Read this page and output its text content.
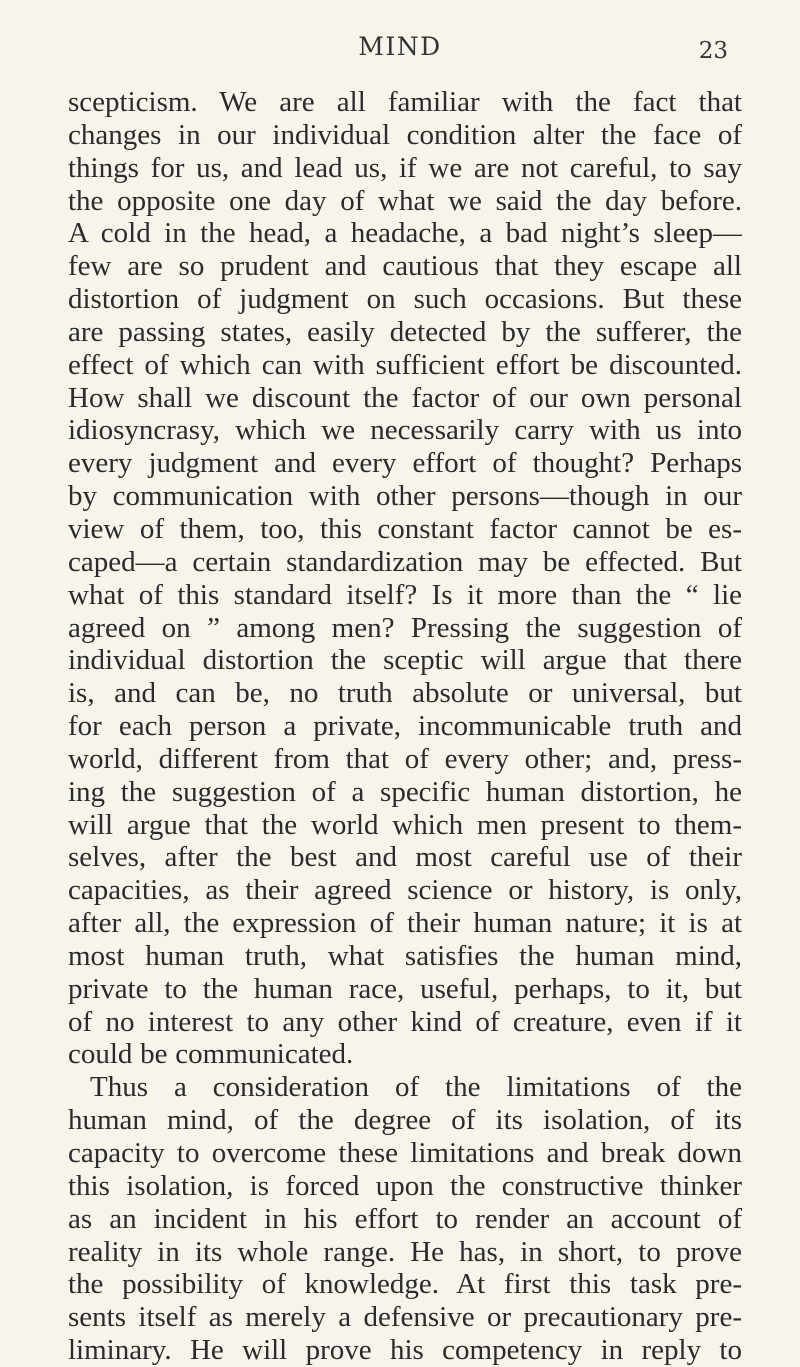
MIND	23
scepticism. We are all familiar with the fact that
changes in our individual condition alter the face of
things for us, and lead us, if we are not careful, to say
the opposite one day of what we said the day before.
A cold in the head, a headache, a bad night’s sleep—
few are so prudent and cautious that they escape all
distortion of judgment on such occasions. But these
are passing states, easily detected by the sufferer, the
effect of which can with sufficient effort be discounted.
How shall we discount the factor of our own personal
idiosyncrasy, which we necessarily carry with us into
every judgment and every effort of thought? Perhaps
by communication with other persons—though in our
view of them, too, this constant factor cannot be es-
caped—a certain standardization may be effected. But
what of this standard itself? Is it more than the “ lie
agreed on ” among men? Pressing the suggestion of
individual distortion the sceptic will argue that there
is, and can be, no truth absolute or universal, but
for each person a private, incommunicable truth and
world, different from that of every other; and, press-
ing the suggestion of a specific human distortion, he
will argue that the world which men present to them-
selves, after the best and most careful use of their
capacities, as their agreed science or history, is only,
after all, the expression of their human nature; it is at
most human truth, what satisfies the human mind,
private to the human race, useful, perhaps, to it, but
of no interest to any other kind of creature, even if it
could be communicated.
Thus a consideration of the limitations of the
human mind, of the degree of its isolation, of its
capacity to overcome these limitations and break down
this isolation, is forced upon the constructive thinker
as an incident in his effort to render an account of
reality in its whole range. He has, in short, to prove
the possibility of knowledge. At first this task pre-
sents itself as merely a defensive or precautionary pre-
liminary. He will prove his competency in reply to
